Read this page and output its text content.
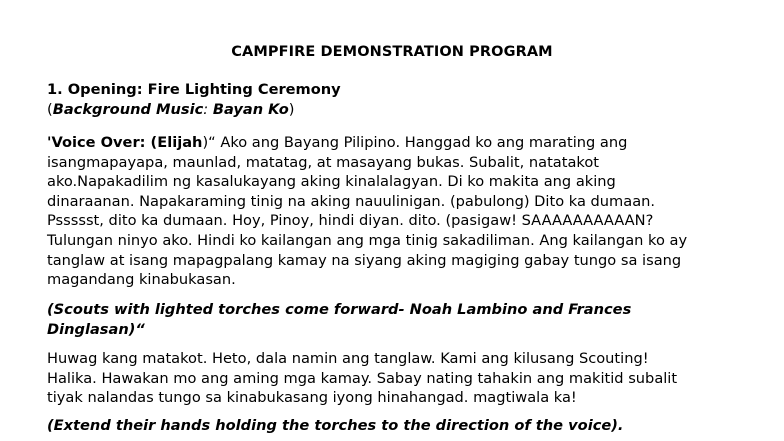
CAMPFIRE DEMONSTRATION PROGRAM
1. Opening: Fire Lighting Ceremony
(Background Music: Bayan Ko)
'Voice Over: (Elijah)“ Ako ang Bayang Pilipino. Hanggad ko ang marating ang
isangmapayapa, maunlad, matatag, at masayang bukas. Subalit, natatakot
ako.Napakadilim ng kasalukayang aking kinalalagyan. Di ko makita ang aking
dinaraanan. Napakaraming tinig na aking nauulinigan. (pabulong) Dito ka dumaan.
Pssssst, dito ka dumaan. Hoy, Pinoy, hindi diyan. dito. (pasigaw! SAAAAAAAAAAN?
Tulungan ninyo ako. Hindi ko kailangan ang mga tinig sakadiliman. Ang kailangan ko ay
tanglaw at isang mapagpalang kamay na siyang aking magiging gabay tungo sa isang
magandang kinabukasan.
(Scouts with lighted torches come forward- Noah Lambino and Frances
Dinglasan)“
Huwag kang matakot. Heto, dala namin ang tanglaw. Kami ang kilusang Scouting!
Halika. Hawakan mo ang aming mga kamay. Sabay nating tahakin ang makitid subalit
tiyak nalandas tungo sa kinabukasang iyong hinahangad. magtiwala ka!
(Extend their hands holding the torches to the direction of the voice).
